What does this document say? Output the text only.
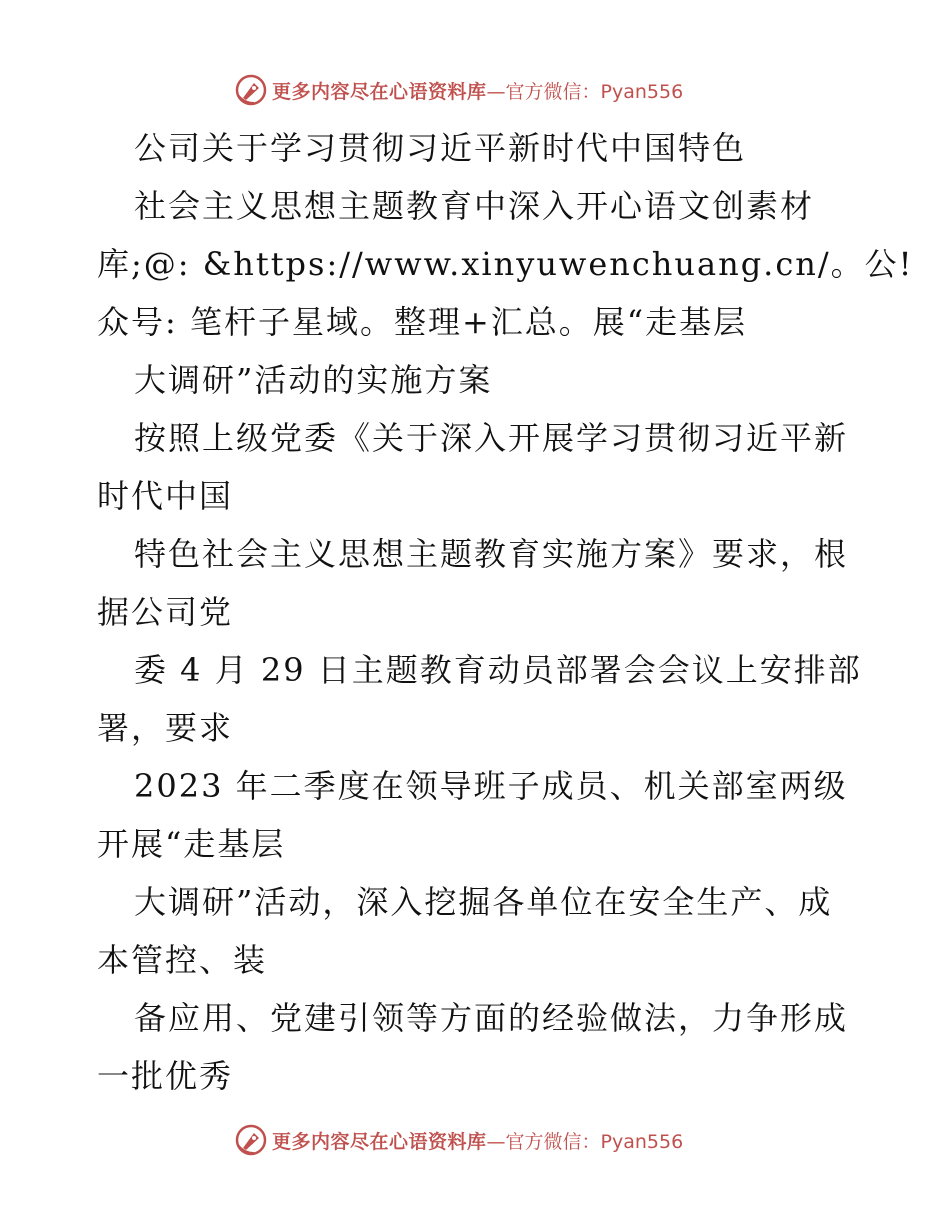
更多内容尽在心语资料库 —官方微信：Pyan556
公司关于学习贯彻习近平新时代中国特色
社会主义思想主题教育中深入开心语文创素材
库;@: &https://www.xinyuwenchuang.cn/。公!
众号: 笔杆子星域。整理+汇总。展“走基层
大调研”活动的实施方案
按照上级党委《关于深入开展学习贯彻习近平新
时代中国
特色社会主义思想主题教育实施方案》要求，根
据公司党
委 4 月 29 日主题教育动员部署会会议上安排部
署，要求
2023 年二季度在领导班子成员、机关部室两级
开展“走基层
大调研”活动，深入挖掘各单位在安全生产、成
本管控、装
备应用、党建引领等方面的经验做法，力争形成
一批优秀
更多内容尽在心语资料库 —官方微信：Pyan556
